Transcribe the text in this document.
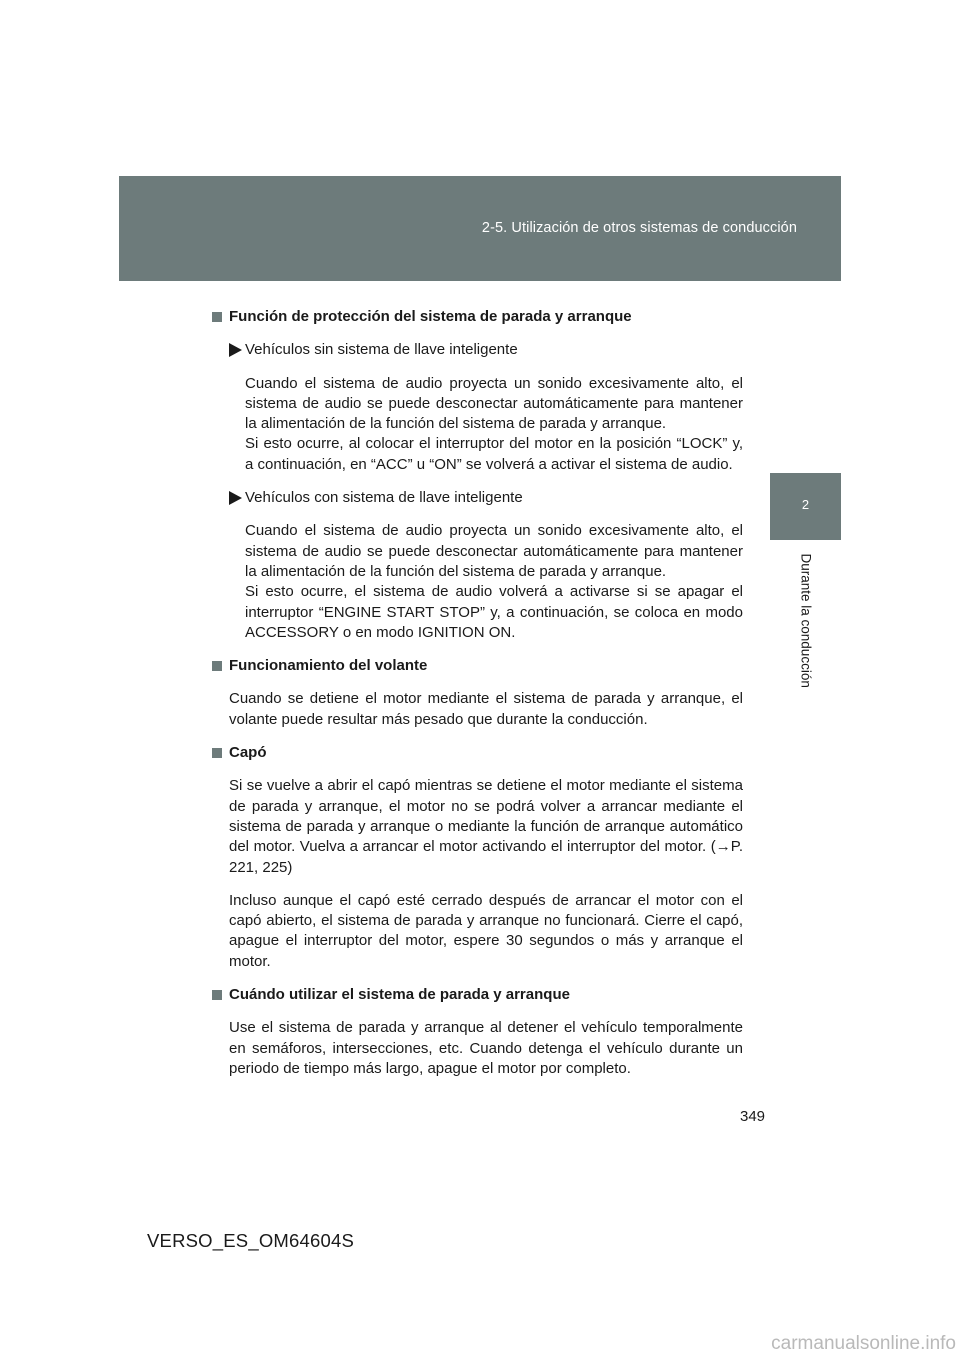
2-5. Utilización de otros sistemas de conducción
2
Durante la conducción
Función de protección del sistema de parada y arranque
Vehículos sin sistema de llave inteligente

Cuando el sistema de audio proyecta un sonido excesivamente alto, el sistema de audio se puede desconectar automáticamente para mantener la alimentación de la función del sistema de parada y arranque.

Si esto ocurre, al colocar el interruptor del motor en la posición “LOCK” y, a continuación, en “ACC” u “ON” se volverá a activar el sistema de audio.

Vehículos con sistema de llave inteligente

Cuando el sistema de audio proyecta un sonido excesivamente alto, el sistema de audio se puede desconectar automáticamente para mantener la alimentación de la función del sistema de parada y arranque.

Si esto ocurre, el sistema de audio volverá a activarse si se apagar el interruptor “ENGINE START STOP” y, a continuación, se coloca en modo ACCESSORY o en modo IGNITION ON.

Funcionamiento del volante

Cuando se detiene el motor mediante el sistema de parada y arranque, el volante puede resultar más pesado que durante la conducción.

Capó

Si se vuelve a abrir el capó mientras se detiene el motor mediante el sistema de parada y arranque, el motor no se podrá volver a arrancar mediante el sistema de parada y arranque o mediante la función de arranque automático del motor. Vuelva a arrancar el motor activando el interruptor del motor. (→P. 221, 225)

Incluso aunque el capó esté cerrado después de arrancar el motor con el capó abierto, el sistema de parada y arranque no funcionará. Cierre el capó, apague el interruptor del motor, espere 30 segundos o más y arranque el motor.

Cuándo utilizar el sistema de parada y arranque

Use el sistema de parada y arranque al detener el vehículo temporalmente en semáforos, intersecciones, etc. Cuando detenga el vehículo durante un periodo de tiempo más largo, apague el motor por completo.

349
VERSO_ES_OM64604S
carmanualsonline.info
